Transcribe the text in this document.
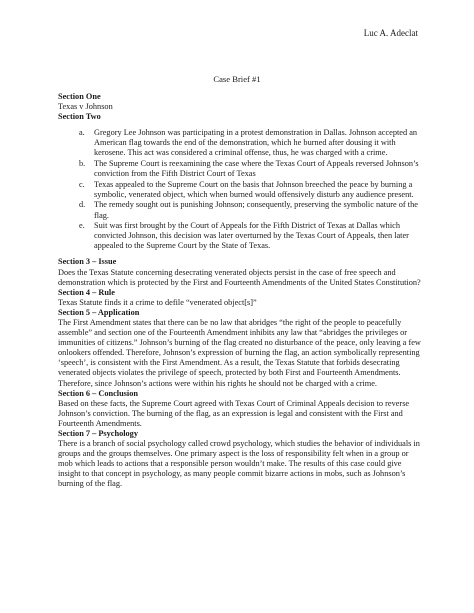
Luc A. Adeclat
Case Brief #1
Section One
Texas v Johnson
Section Two
a. Gregory Lee Johnson was participating in a protest demonstration in Dallas. Johnson accepted an American flag towards the end of the demonstration, which he burned after dousing it with kerosene. This act was considered a criminal offense, thus, he was charged with a crime.
b. The Supreme Court is reexamining the case where the Texas Court of Appeals reversed Johnson’s conviction from the Fifth District Court of Texas
c. Texas appealed to the Supreme Court on the basis that Johnson breeched the peace by burning a symbolic, venerated object, which when burned would offensively disturb any audience present.
d. The remedy sought out is punishing Johnson; consequently, preserving the symbolic nature of the flag.
e. Suit was first brought by the Court of Appeals for the Fifth District of Texas at Dallas which convicted Johnson, this decision was later overturned by the Texas Court of Appeals, then later appealed to the Supreme Court by the State of Texas.
Section 3 – Issue
Does the Texas Statute concerning desecrating venerated objects persist in the case of free speech and demonstration which is protected by the First and Fourteenth Amendments of the United States Constitution?
Section 4 – Rule
Texas Statute finds it a crime to defile “venerated object[s]”
Section 5 – Application
The First Amendment states that there can be no law that abridges “the right of the people to peacefully assemble” and section one of the Fourteenth Amendment inhibits any law that “abridges the privileges or immunities of citizens.” Johnson’s burning of the flag created no disturbance of the peace, only leaving a few onlookers offended. Therefore, Johnson’s expression of burning the flag, an action symbolically representing ‘speech’, is consistent with the First Amendment. As a result, the Texas Statute that forbids desecrating venerated objects violates the privilege of speech, protected by both First and Fourteenth Amendments. Therefore, since Johnson’s actions were within his rights he should not be charged with a crime.
Section 6 – Conclusion
Based on these facts, the Supreme Court agreed with Texas Court of Criminal Appeals decision to reverse Johnson’s conviction. The burning of the flag, as an expression is legal and consistent with the First and Fourteenth Amendments.
Section 7 – Psychology
There is a branch of social psychology called crowd psychology, which studies the behavior of individuals in groups and the groups themselves. One primary aspect is the loss of responsibility felt when in a group or mob which leads to actions that a responsible person wouldn’t make. The results of this case could give insight to that concept in psychology, as many people commit bizarre actions in mobs, such as Johnson’s burning of the flag.
